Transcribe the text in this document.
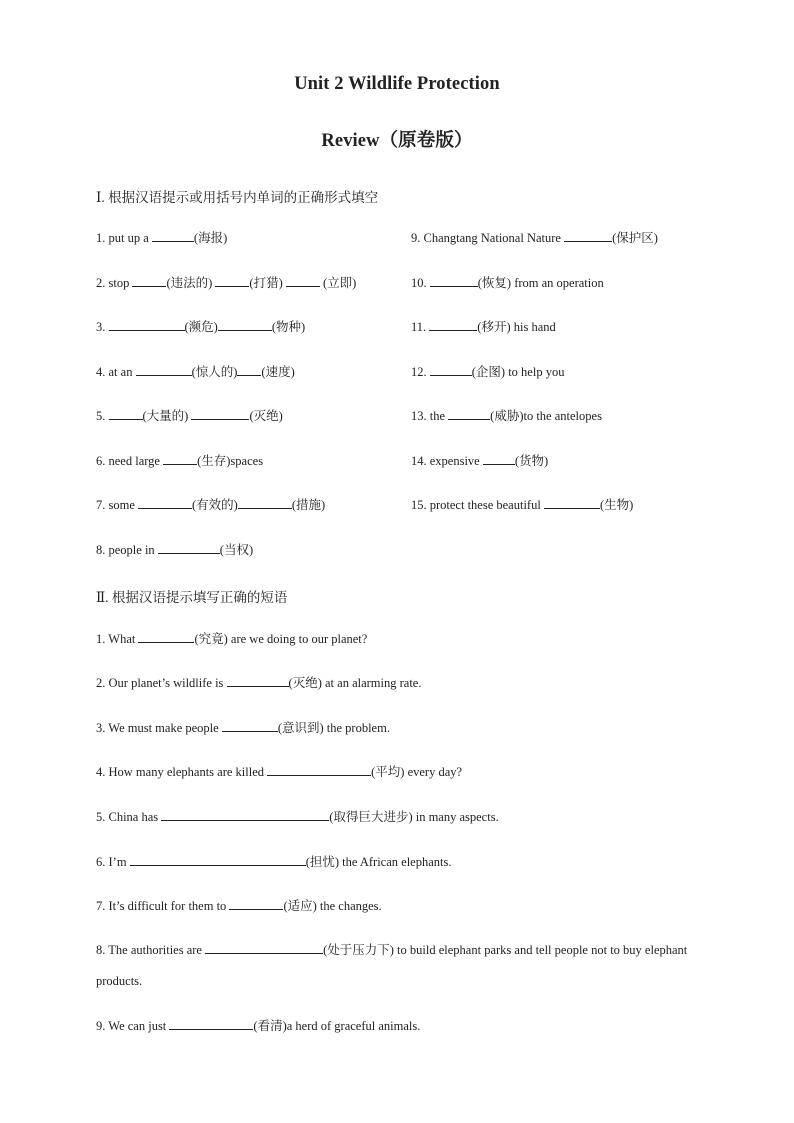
Unit 2 Wildlife Protection
Review（原卷版）
Ⅰ. 根据汉语提示或用括号内单词的正确形式填空
1. put up a	(海报)
2. stop	(违法的)	(打猎)	(立即)
3.	(濒危)	(物种)
4. at an	(惊人的) (速度)
5.	(大量的)	(灭绝)
6. need large	(生存)spaces
7. some	(有效的)	(措施)
8. people in	(当权)
9. Changtang National Nature	(保护区)
10.	(恢复) from an operation
11.	(移开) his hand
12.	(企图) to help you
13. the	(威胁)to the antelopes
14. expensive	(货物)
15. protect these beautiful	(生物)
Ⅱ. 根据汉语提示填写正确的短语
1. What	(究竟) are we doing to our planet?
2. Our planet’s wildlife is	(灭绝) at an alarming rate.
3. We must make people	(意识到) the problem.
4. How many elephants are killed	(平均) every day?
5. China has	(取得巨大进步) in many aspects.
6. I’m	(担忧) the African elephants.
7. It’s difficult for them to	(适应) the changes.
8. The authorities are	(处于压力下) to build elephant parks and tell people not to buy elephant products.
9. We can just	(看清)a herd of graceful animals.
